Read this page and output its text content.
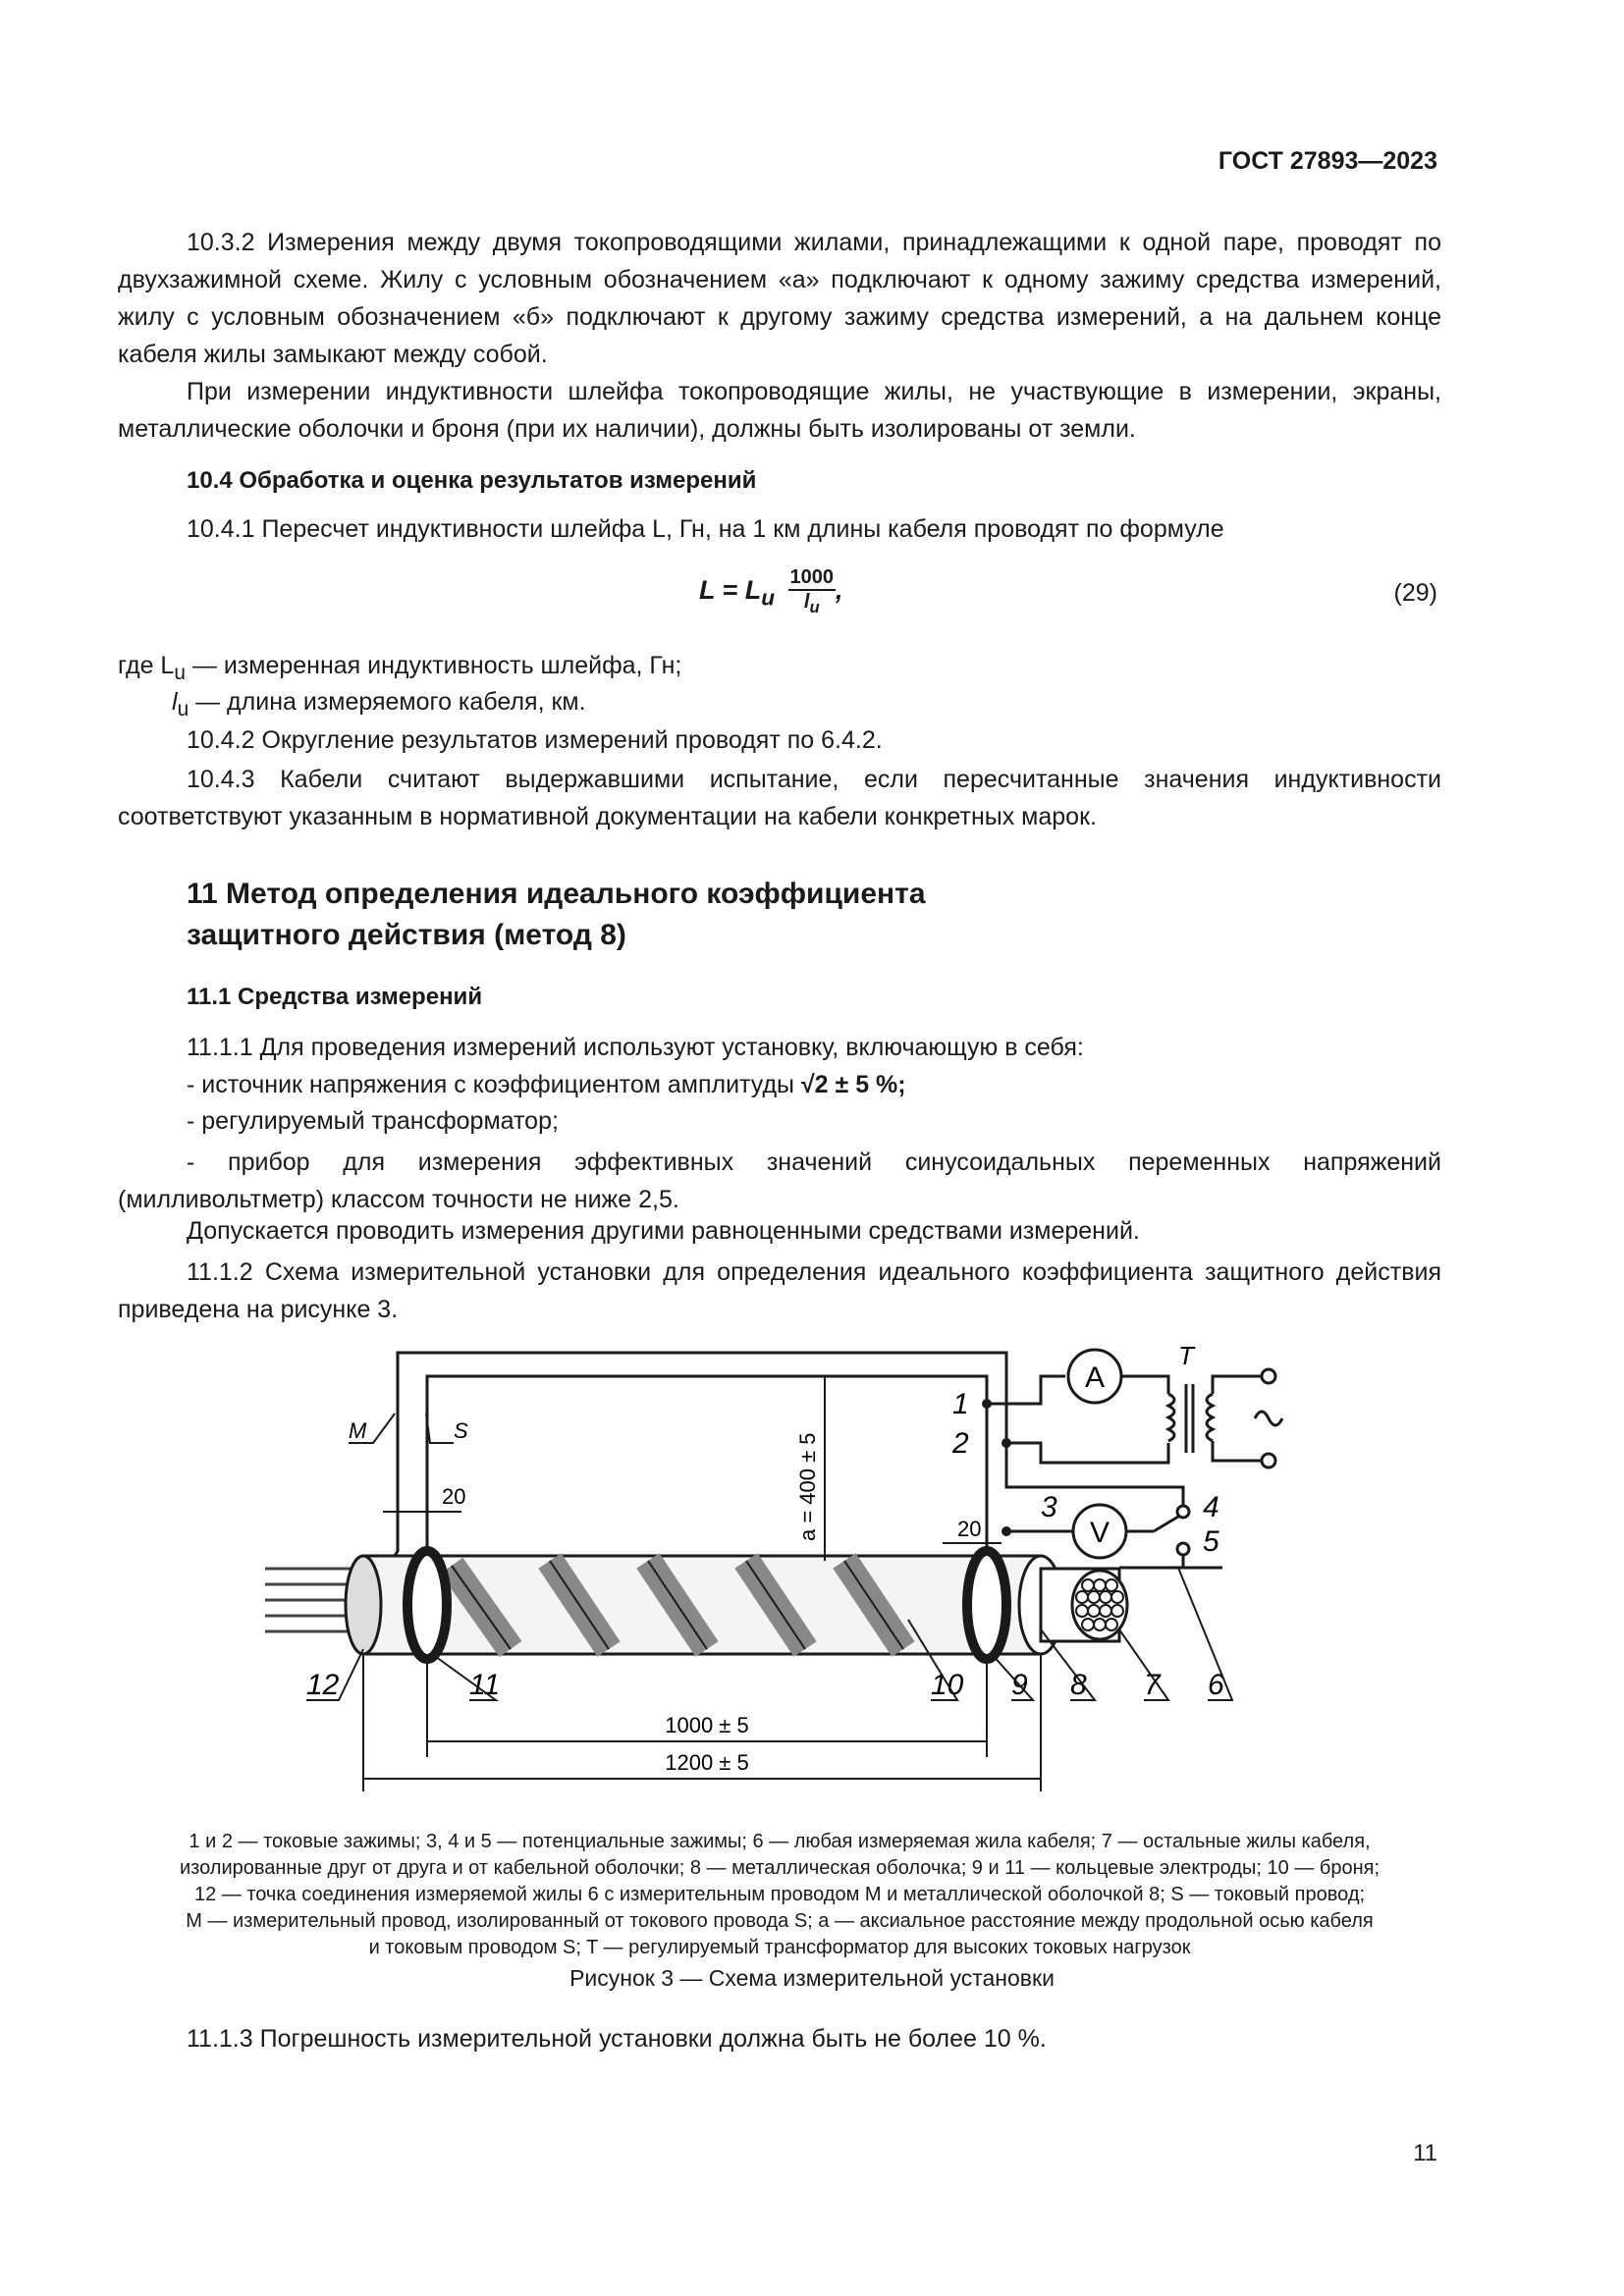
ГОСТ 27893—2023
10.3.2 Измерения между двумя токопроводящими жилами, принадлежащими к одной паре, проводят по двухзажимной схеме. Жилу с условным обозначением «а» подключают к одному зажиму средства измерений, жилу с условным обозначением «б» подключают к другому зажиму средства измерений, а на дальнем конце кабеля жилы замыкают между собой.
При измерении индуктивности шлейфа токопроводящие жилы, не участвующие в измерении, экраны, металлические оболочки и броня (при их наличии), должны быть изолированы от земли.
10.4 Обработка и оценка результатов измерений
10.4.1 Пересчет индуктивности шлейфа L, Гн, на 1 км длины кабеля проводят по формуле
$L = L_u \frac{1000}{l_u}$ ,	(29)
где $L_u$ — измеренная индуктивность шлейфа, Гн;
$l_u$ — длина измеряемого кабеля, км.
10.4.2 Округление результатов измерений проводят по 6.4.2.
10.4.3 Кабели считают выдержавшими испытание, если пересчитанные значения индуктивности соответствуют указанным в нормативной документации на кабели конкретных марок.
11 Метод определения идеального коэффициента
защитного действия (метод 8)
11.1 Средства измерений
11.1.1 Для проведения измерений используют установку, включающую в себя:
- источник напряжения с коэффициентом амплитуды √2 ± 5 %;
- регулируемый трансформатор;
- прибор для измерения эффективных значений синусоидальных переменных напряжений (милливольтметр) классом точности не ниже 2,5.
Допускается проводить измерения другими равноценными средствами измерений.
11.1.2 Схема измерительной установки для определения идеального коэффициента защитного действия приведена на рисунке 3.
A
T
V
a = 400 ± 5
20
20
1000 ± 5
1200 ± 5
1
2
3	4
5
6
7
8
9
10
11
12
M	S
1 и 2 — токовые зажимы; 3, 4 и 5 — потенциальные зажимы; 6 — любая измеряемая жила кабеля; 7 — остальные жилы кабеля,
изолированные друг от друга и от кабельной оболочки; 8 — металлическая оболочка; 9 и 11 — кольцевые электроды; 10 — броня;
12 — точка соединения измеряемой жилы 6 с измерительным проводом M и металлической оболочкой 8; S — токовый провод;
M — измерительный провод, изолированный от токового провода S; a — аксиальное расстояние между продольной осью кабеля
и токовым проводом S; T — регулируемый трансформатор для высоких токовых нагрузок
Рисунок 3 — Схема измерительной установки
11.1.3 Погрешность измерительной установки должна быть не более 10 %.
11
